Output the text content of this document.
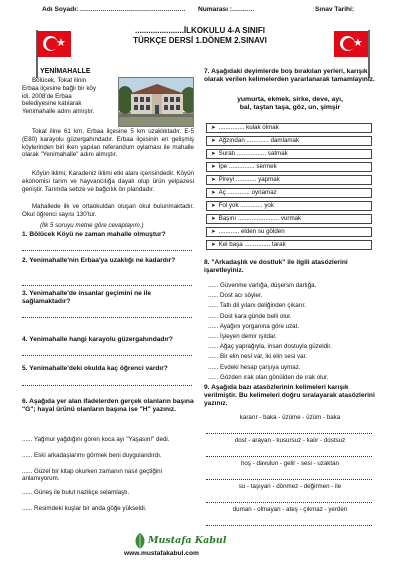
Adı Soyadı: .................................................... Numarası :...........	Sınav Tarihi:
★	★
......................İLKOKULU 4-A SINIFI
TÜRKÇE DERSİ 1.DÖNEM 2.SINAVI
YENİMAHALLE
Bölücek, Tokat ilinin
Erbaa ilçesine bağlı bir köy
idi. 2008'de Erbaa
belediyesine katılarak
Yenimahalle adını almıştır.
Tokat iline 61 km, Erbaa ilçesine 5 km uzaklıktadır. E-5 (E80) karayolu güzergahındadır. Erbaa ilçesinin en gelişmiş köylerinden biri iken yapılan referandum oylaması ile mahalle olarak "Yenimahalle" adını almıştır.
Köyün iklimi, Karadeniz iklimi etki alanı içerisindedir. Köyün ekonomisi tarım ve hayvancılığa dayalı olup ürün yelpazesi geniştir. Tarımda sebze ve bağcılık ön plandadır.
Mahallede ilk ve ortaokuldan oluşan okul bulunmaktadır. Okul öğrenci sayısı 130'tur.
(İlk 5 soruyu metne göre cevaplayım.)
1. Bölücek Köyü ne zaman mahalle olmuştur?
2. Yenimahalle'nin Erbaa'ya uzaklığı ne kadardır?
3. Yenimahalle'de insanlar geçimini ne ile sağlamaktadır?
4. Yenimahalle hangi karayolu güzergahındadır?
5. Yenimahalle'deki okulda kaç öğrenci vardır?
6. Aşağıda yer alan ifadelerden gerçek olanların başına "G"; hayal ürünü olanların başına ise "H" yazınız.
...... Yağmur yağdığını gören koca ayı "Yaşasın!" dedi.
...... Eski arkadaşlarımı görmek beni duygulandırdı.
...... Güzel bir kitap okurken zamanın nasıl geçtiğini anlamıyorum.
...... Güneş ile bulut nazikçe selamlaştı.
...... Resimdeki kuşlar bir anda göğe yükseldi.
7. Aşağıdaki deyimlerde boş bırakılan yerleri, karışık olarak verilen kelimelerden yararlanarak tamamlayınız.
yumurta, ekmek, sirke, deve, ayı,
bal, taştan taşa, göz, un, şimşir
➤ ............... kulak olmak
➤ Ağzından ............. damlamak
➤ Suratı ................. satmak
➤ İpe ............... sermek
➤ Pireyi ............ yapmak
➤ Aç ............. oynamaz
➤ Fol yok ............. yok
➤ Başını ........................ vurmak
➤ ............ elden su gölden
➤ Kel başa ............... tarak
8. "Arkadaşlık ve dostluk" ile ilgili atasözlerini işaretleyiniz.
...... Güvenme varlığa, düşersin darlığa.
...... Dost acı söyler.
...... Tatlı dil yılanı deliğinden çıkarır.
...... Dost kara günde belli olur.
...... Ayağını yorganına göre uzat.
...... İşleyen demir ışıldar.
...... Ağaç yaprağıyla, insan dostuyla güzeldir.
...... Bir elin nesi var, iki elin sesi var.
...... Evdeki hesap çarşıya uymaz.
...... Gözden ırak olan gönülden de ırak olur.
9. Aşağıda bazı atasözlerinin kelimeleri karışık verilmiştir. Bu kelimeleri doğru sıralayarak atasözlerini yazınız.
kararır - baka - üzüme - üzüm - baka
dost - arayan - kusursuz - kalır - dostsuz
hoş - davulun - gelir - sesi - uzaktan
su - taşıyan - dönmez - değirmen - ile
duman - olmayan - ateş - çıkmaz - yerden
Mustafa Kabul
www.mustafakabul.com
